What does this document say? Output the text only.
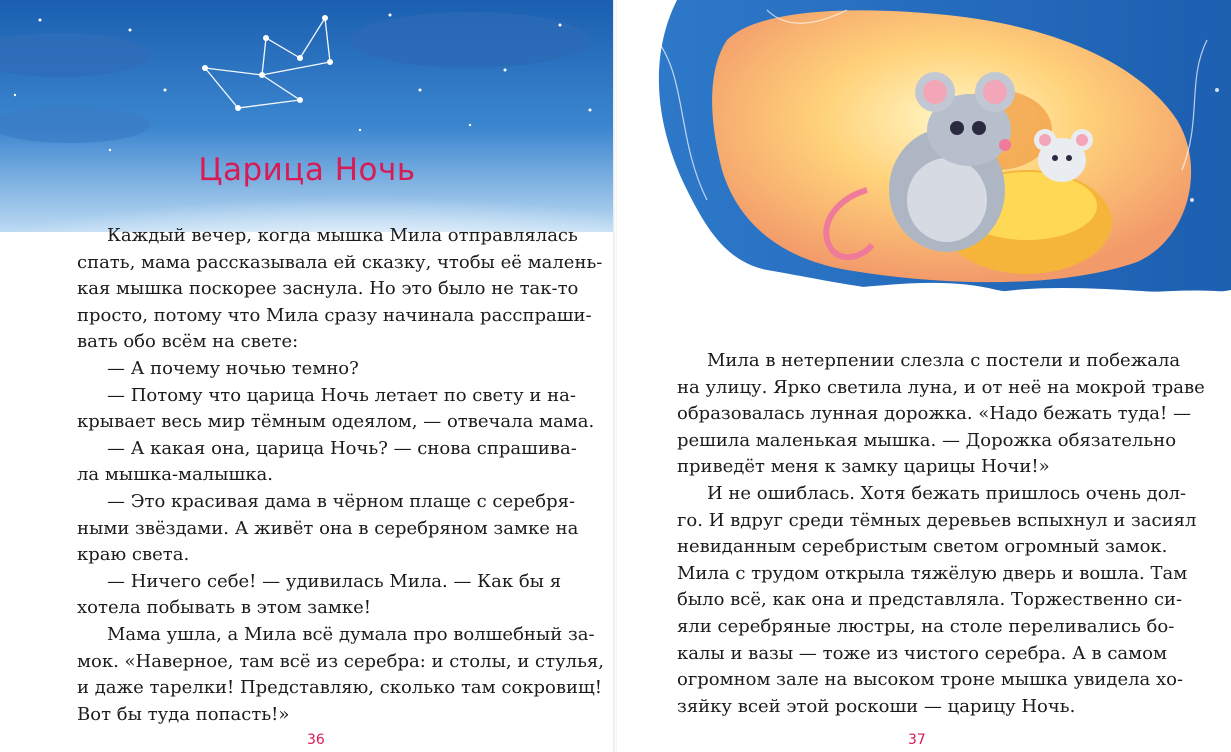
Царица Ночь
Каждый вечер, когда мышка Мила отправлялась
спать, мама рассказывала ей сказку, чтобы её малень-
кая мышка поскорее заснула. Но это было не так-то
просто, потому что Мила сразу начинала расспраши-
вать обо всём на свете:
— А почему ночью темно?
— Потому что царица Ночь летает по свету и на-
крывает весь мир тёмным одеялом, — отвечала мама.
— А какая она, царица Ночь? — снова спрашива-
ла мышка-малышка.
— Это красивая дама в чёрном плаще с серебря-
ными звёздами. А живёт она в серебряном замке на
краю света.
— Ничего себе! — удивилась Мила. — Как бы я
хотела побывать в этом замке!
Мама ушла, а Мила всё думала про волшебный за-
мок. «Наверное, там всё из серебра: и столы, и стулья,
и даже тарелки! Представляю, сколько там сокровищ!
Вот бы туда попасть!»
36
Мила в нетерпении слезла с постели и побежала
на улицу. Ярко светила луна, и от неё на мокрой траве
образовалась лунная дорожка. «Надо бежать туда! —
решила маленькая мышка. — Дорожка обязательно
приведёт меня к замку царицы Ночи!»
И не ошиблась. Хотя бежать пришлось очень дол-
го. И вдруг среди тёмных деревьев вспыхнул и засиял
невиданным серебристым светом огромный замок.
Мила с трудом открыла тяжёлую дверь и вошла. Там
было всё, как она и представляла. Торжественно си-
яли серебряные люстры, на столе переливались бо-
калы и вазы — тоже из чистого серебра. А в самом
огромном зале на высоком троне мышка увидела хо-
зяйку всей этой роскоши — царицу Ночь.
37
